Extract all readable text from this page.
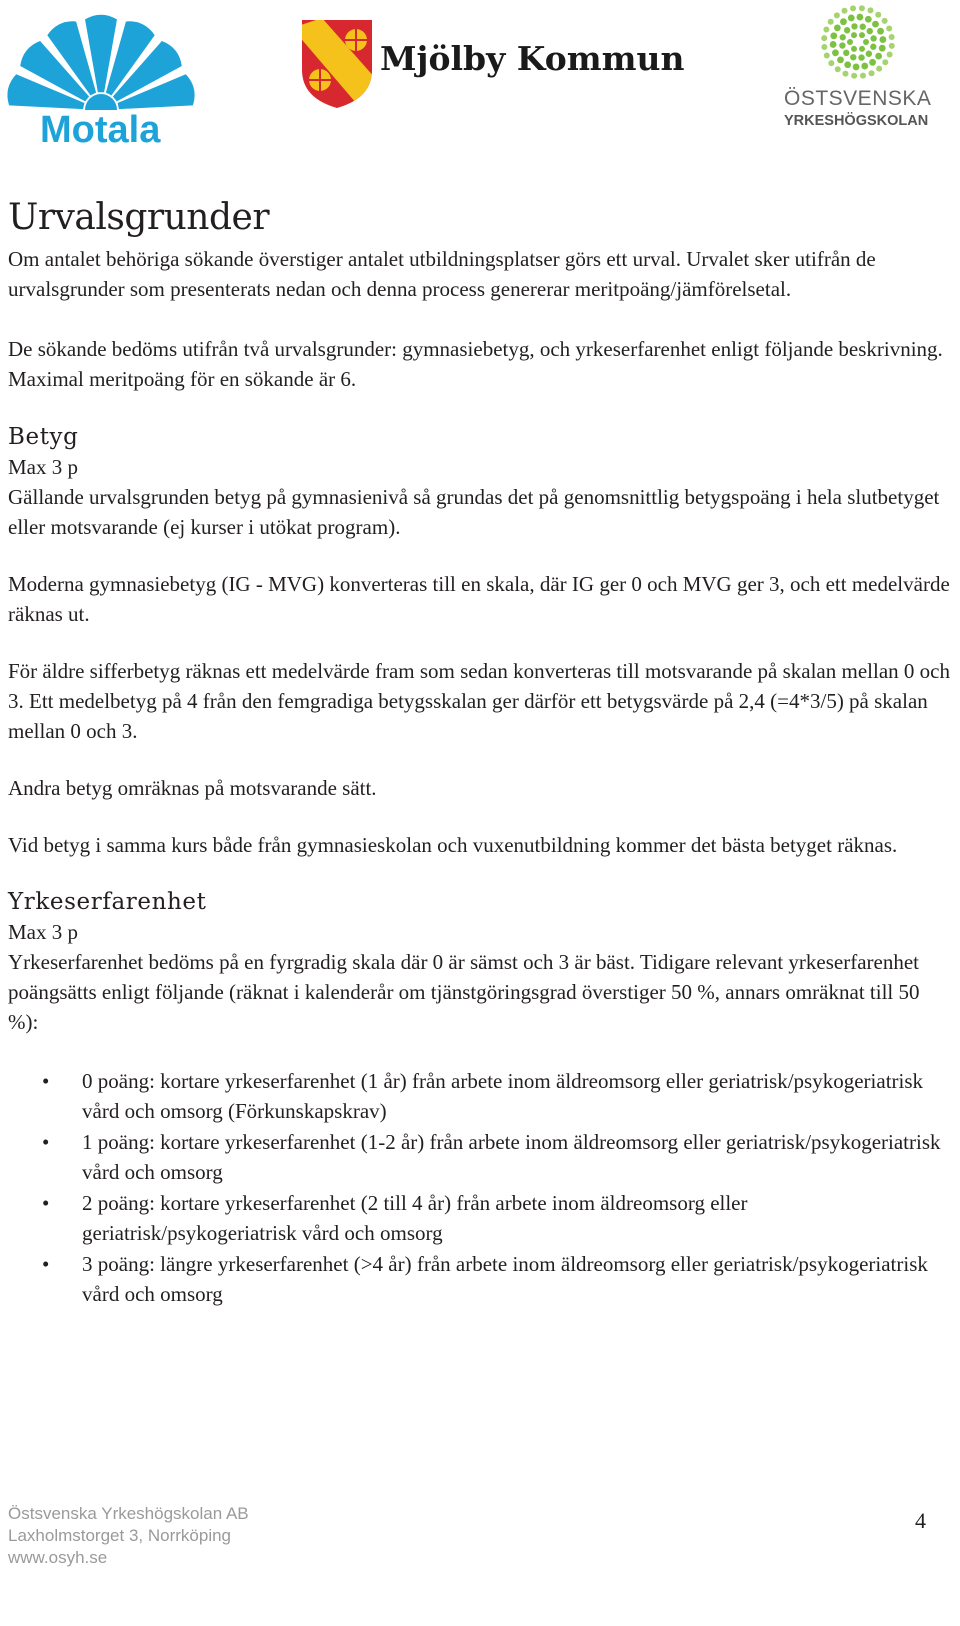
Motala
Mjölby Kommun
ÖSTSVENSKA
YRKESHÖGSKOLAN
Urvalsgrunder

Om antalet behöriga sökande överstiger antalet utbildningsplatser görs ett urval. Urvalet sker utifrån de urvalsgrunder som presenterats nedan och denna process genererar meritpoäng/jämförelsetal.

De sökande bedöms utifrån två urvalsgrunder: gymnasiebetyg, och yrkeserfarenhet enligt följande beskrivning. Maximal meritpoäng för en sökande är 6.

Betyg

Max 3 p

Gällande urvalsgrunden betyg på gymnasienivå så grundas det på genomsnittlig betygspoäng i hela slutbetyget eller motsvarande (ej kurser i utökat program).

Moderna gymnasiebetyg (IG - MVG) konverteras till en skala, där IG ger 0 och MVG ger 3, och ett medelvärde räknas ut.

För äldre sifferbetyg räknas ett medelvärde fram som sedan konverteras till motsvarande på skalan mellan 0 och 3. Ett medelbetyg på 4 från den femgradiga betygsskalan ger därför ett betygsvärde på 2,4 (=4*3/5) på skalan mellan 0 och 3.

Andra betyg omräknas på motsvarande sätt.

Vid betyg i samma kurs både från gymnasieskolan och vuxenutbildning kommer det bästa betyget räknas.

Yrkeserfarenhet

Max 3 p

Yrkeserfarenhet bedöms på en fyrgradig skala där 0 är sämst och 3 är bäst. Tidigare relevant yrkeserfarenhet poängsätts enligt följande (räknat i kalenderår om tjänstgöringsgrad överstiger 50 %, annars omräknat till 50 %):

• 0 poäng: kortare yrkeserfarenhet (1 år) från arbete inom äldreomsorg eller geriatrisk/psykogeriatrisk vård och omsorg (Förkunskapskrav)
• 1 poäng: kortare yrkeserfarenhet (1-2 år) från arbete inom äldreomsorg eller geriatrisk/psykogeriatrisk vård och omsorg
• 2 poäng: kortare yrkeserfarenhet (2 till 4 år) från arbete inom äldreomsorg eller geriatrisk/psykogeriatrisk vård och omsorg
• 3 poäng: längre yrkeserfarenhet (>4 år) från arbete inom äldreomsorg eller geriatrisk/psykogeriatrisk vård och omsorg
Östsvenska Yrkeshögskolan AB
Laxholmstorget 3, Norrköping
www.osyh.se
4
